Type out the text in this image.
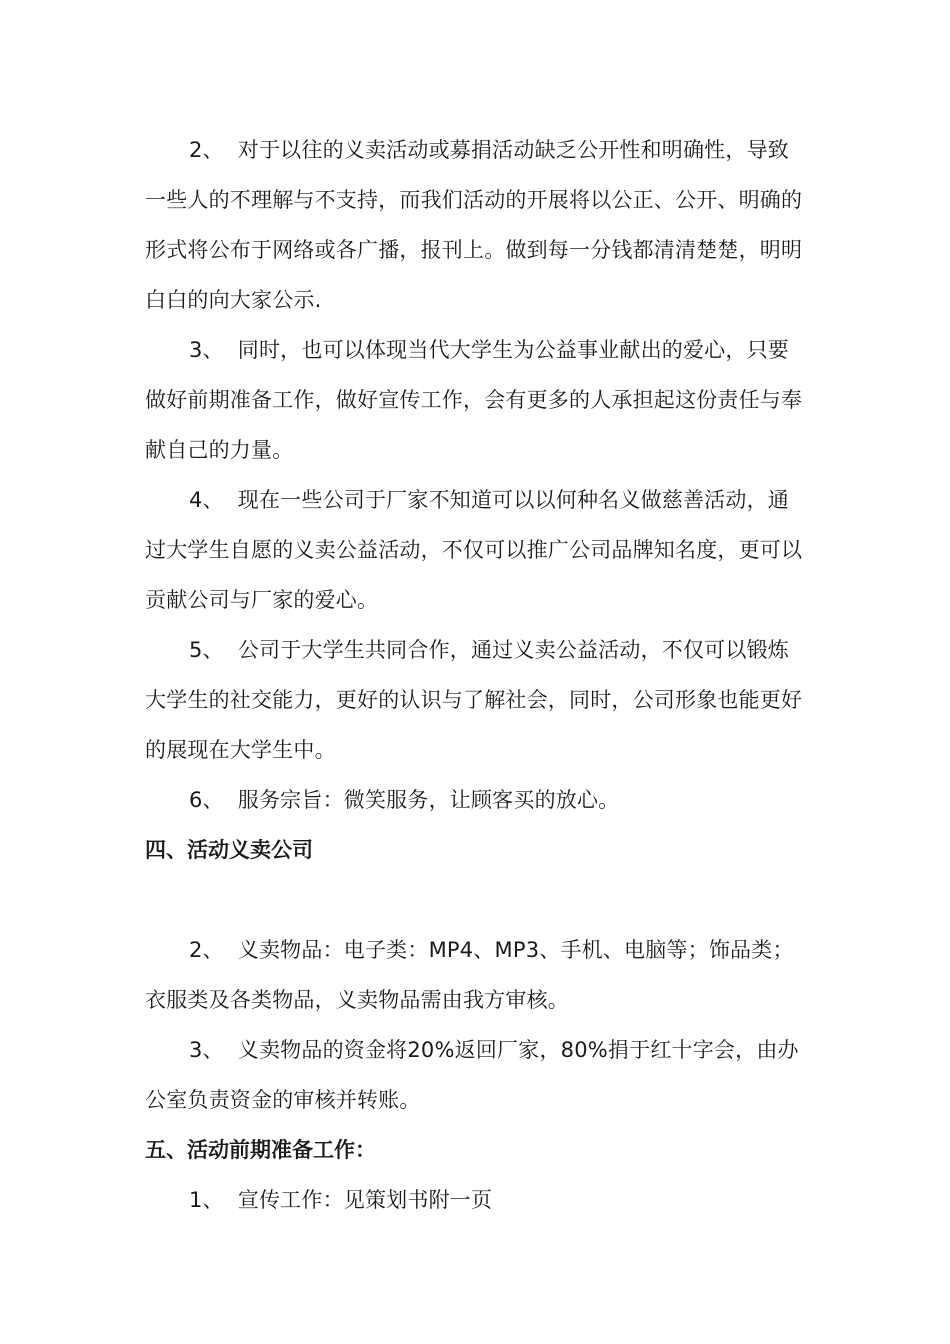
2、 对于以往的义卖活动或募捐活动缺乏公开性和明确性，导致一些人的不理解与不支持，而我们活动的开展将以公正、公开、明确的形式将公布于网络或各广播，报刊上。做到每一分钱都清清楚楚，明明白白的向大家公示.

3、 同时，也可以体现当代大学生为公益事业献出的爱心，只要做好前期准备工作，做好宣传工作，会有更多的人承担起这份责任与奉献自己的力量。

4、 现在一些公司于厂家不知道可以以何种名义做慈善活动，通过大学生自愿的义卖公益活动，不仅可以推广公司品牌知名度，更可以贡献公司与厂家的爱心。

5、 公司于大学生共同合作，通过义卖公益活动，不仅可以锻炼大学生的社交能力，更好的认识与了解社会，同时，公司形象也能更好的展现在大学生中。

6、 服务宗旨：微笑服务，让顾客买的放心。

四、活动义卖公司

2、 义卖物品：电子类：MP4、MP3、手机、电脑等；饰品类；衣服类及各类物品，义卖物品需由我方审核。

3、 义卖物品的资金将20%返回厂家，80%捐于红十字会，由办公室负责资金的审核并转账。

五、活动前期准备工作：

1、 宣传工作：见策划书附一页
